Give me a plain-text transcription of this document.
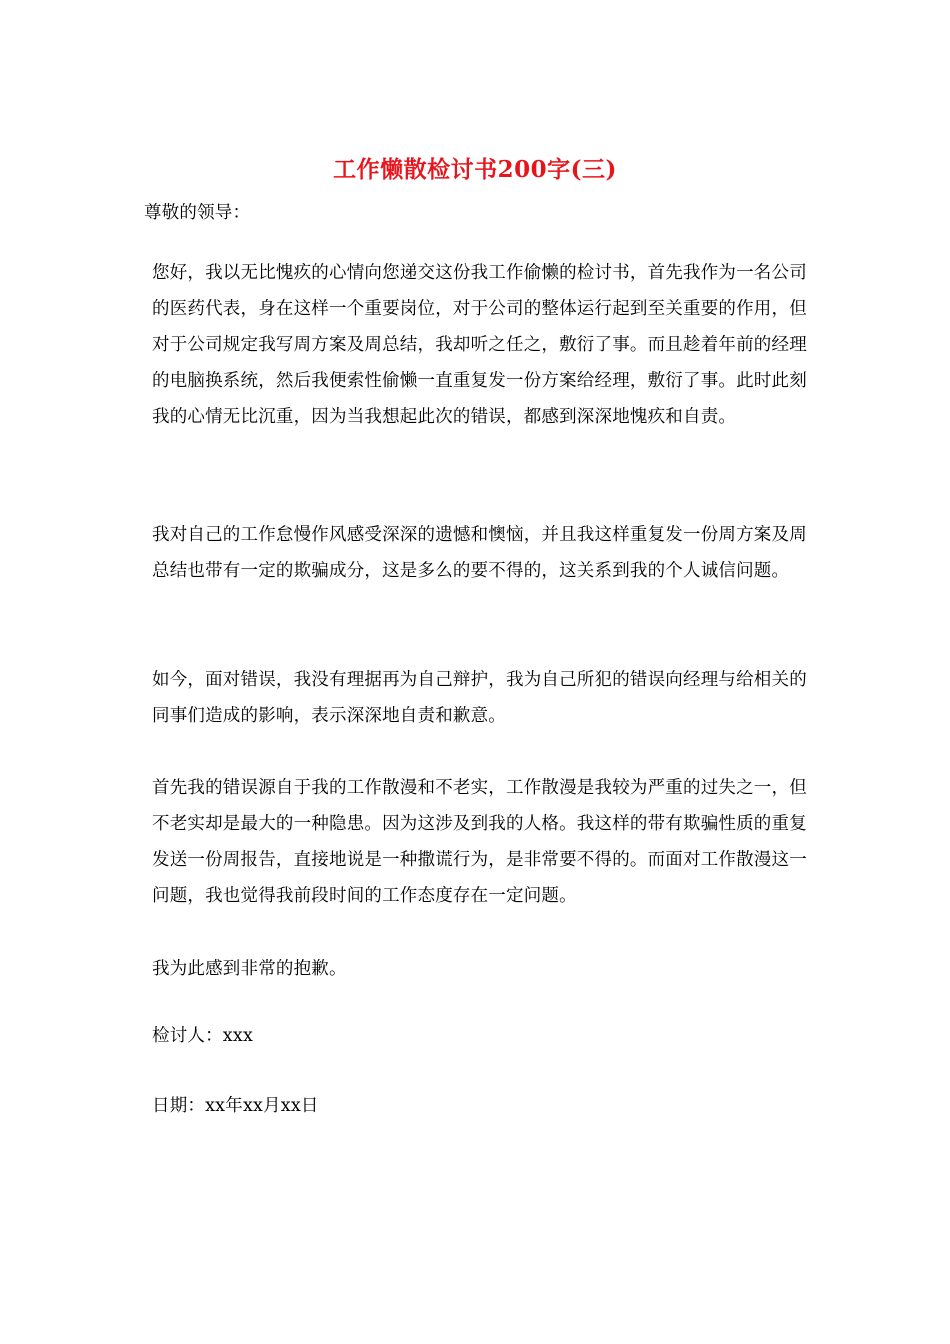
工作懒散检讨书200字(三)
尊敬的领导：

您好，我以无比愧疚的心情向您递交这份我工作偷懒的检讨书，首先我作为一名公司的医药代表，身在这样一个重要岗位，对于公司的整体运行起到至关重要的作用，但对于公司规定我写周方案及周总结，我却听之任之，敷衍了事。而且趁着年前的经理的电脑换系统，然后我便索性偷懒一直重复发一份方案给经理，敷衍了事。此时此刻我的心情无比沉重，因为当我想起此次的错误，都感到深深地愧疚和自责。

我对自己的工作怠慢作风感受深深的遗憾和懊恼，并且我这样重复发一份周方案及周总结也带有一定的欺骗成分，这是多么的要不得的，这关系到我的个人诚信问题。

如今，面对错误，我没有理据再为自己辩护，我为自己所犯的错误向经理与给相关的同事们造成的影响，表示深深地自责和歉意。

首先我的错误源自于我的工作散漫和不老实，工作散漫是我较为严重的过失之一，但不老实却是最大的一种隐患。因为这涉及到我的人格。我这样的带有欺骗性质的重复发送一份周报告，直接地说是一种撒谎行为，是非常要不得的。而面对工作散漫这一问题，我也觉得我前段时间的工作态度存在一定问题。

我为此感到非常的抱歉。

检讨人：xxx
日期：xx年xx月xx日
